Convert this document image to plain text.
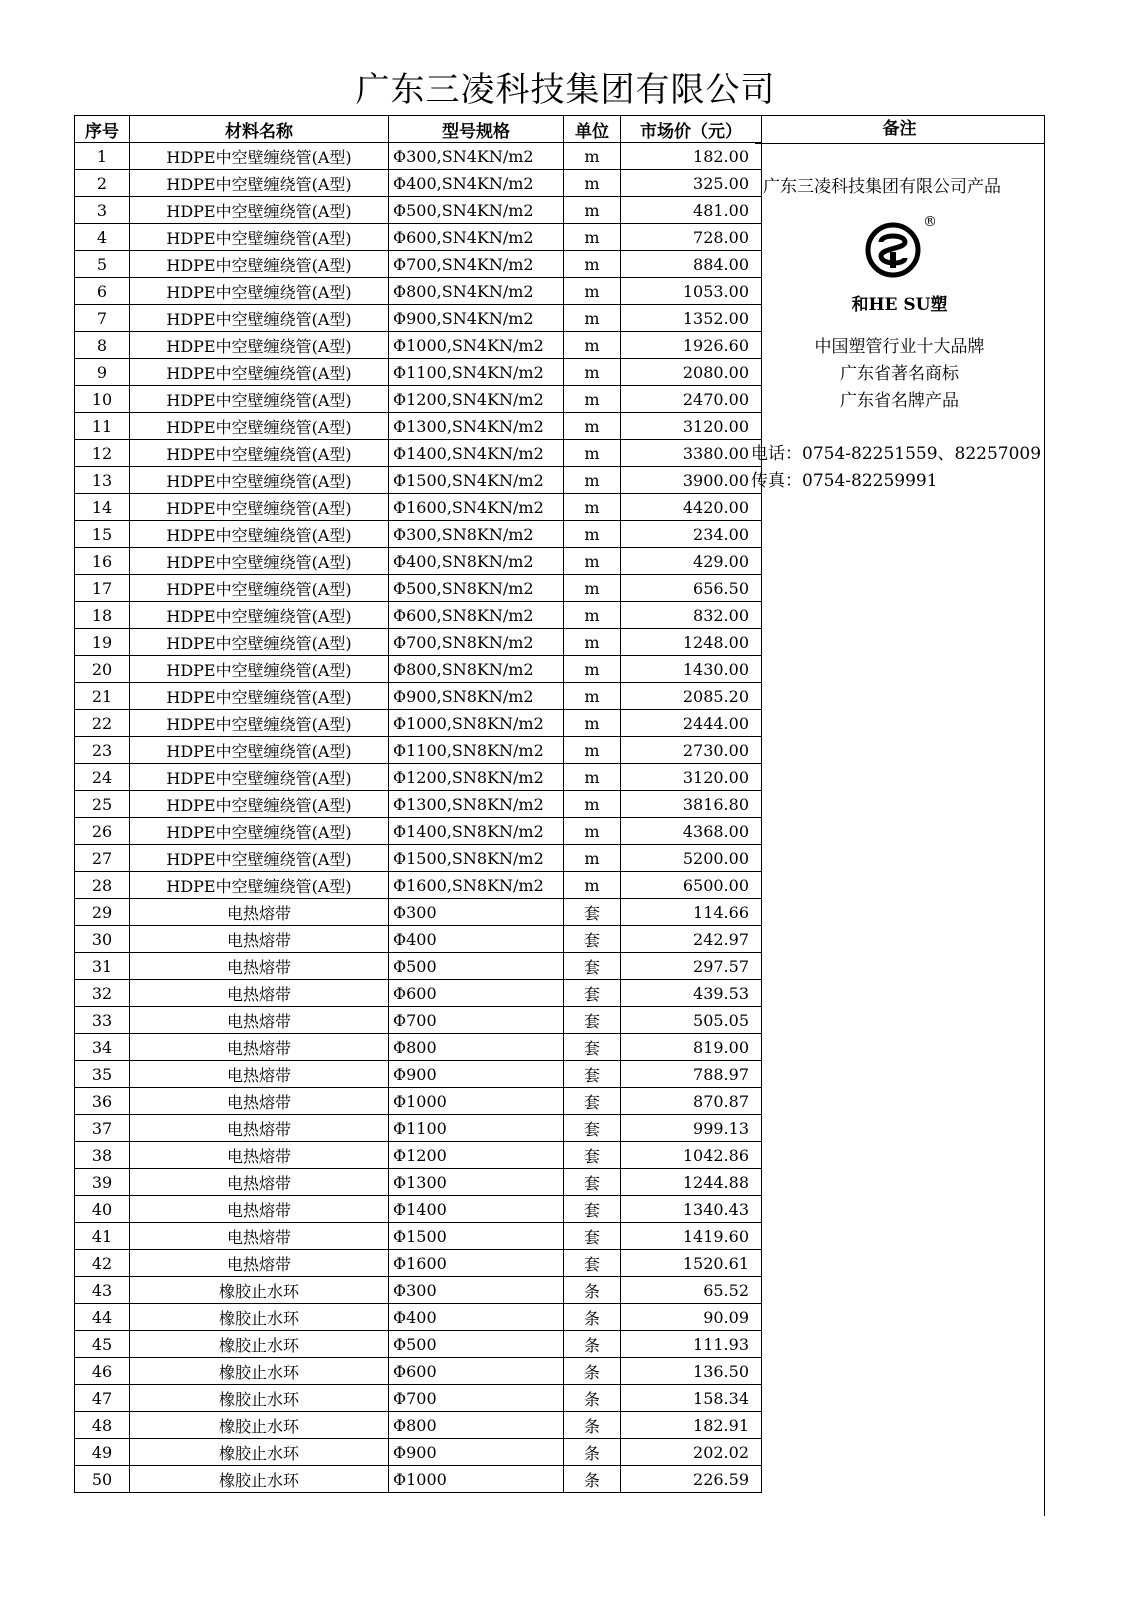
广东三凌科技集团有限公司
序号	材料名称	型号规格	单位	市场价（元）
1	HDPE中空壁缠绕管(A型)	Φ300,SN4KN/m2	m	182.00
2	HDPE中空壁缠绕管(A型)	Φ400,SN4KN/m2	m	325.00
3	HDPE中空壁缠绕管(A型)	Φ500,SN4KN/m2	m	481.00
4	HDPE中空壁缠绕管(A型)	Φ600,SN4KN/m2	m	728.00
5	HDPE中空壁缠绕管(A型)	Φ700,SN4KN/m2	m	884.00
6	HDPE中空壁缠绕管(A型)	Φ800,SN4KN/m2	m	1053.00
7	HDPE中空壁缠绕管(A型)	Φ900,SN4KN/m2	m	1352.00
8	HDPE中空壁缠绕管(A型)	Φ1000,SN4KN/m2	m	1926.60
9	HDPE中空壁缠绕管(A型)	Φ1100,SN4KN/m2	m	2080.00
10	HDPE中空壁缠绕管(A型)	Φ1200,SN4KN/m2	m	2470.00
11	HDPE中空壁缠绕管(A型)	Φ1300,SN4KN/m2	m	3120.00
12	HDPE中空壁缠绕管(A型)	Φ1400,SN4KN/m2	m	3380.00
13	HDPE中空壁缠绕管(A型)	Φ1500,SN4KN/m2	m	3900.00
14	HDPE中空壁缠绕管(A型)	Φ1600,SN4KN/m2	m	4420.00
15	HDPE中空壁缠绕管(A型)	Φ300,SN8KN/m2	m	234.00
16	HDPE中空壁缠绕管(A型)	Φ400,SN8KN/m2	m	429.00
17	HDPE中空壁缠绕管(A型)	Φ500,SN8KN/m2	m	656.50
18	HDPE中空壁缠绕管(A型)	Φ600,SN8KN/m2	m	832.00
19	HDPE中空壁缠绕管(A型)	Φ700,SN8KN/m2	m	1248.00
20	HDPE中空壁缠绕管(A型)	Φ800,SN8KN/m2	m	1430.00
21	HDPE中空壁缠绕管(A型)	Φ900,SN8KN/m2	m	2085.20
22	HDPE中空壁缠绕管(A型)	Φ1000,SN8KN/m2	m	2444.00
23	HDPE中空壁缠绕管(A型)	Φ1100,SN8KN/m2	m	2730.00
24	HDPE中空壁缠绕管(A型)	Φ1200,SN8KN/m2	m	3120.00
25	HDPE中空壁缠绕管(A型)	Φ1300,SN8KN/m2	m	3816.80
26	HDPE中空壁缠绕管(A型)	Φ1400,SN8KN/m2	m	4368.00
27	HDPE中空壁缠绕管(A型)	Φ1500,SN8KN/m2	m	5200.00
28	HDPE中空壁缠绕管(A型)	Φ1600,SN8KN/m2	m	6500.00
29	电热熔带	Φ300	套	114.66
30	电热熔带	Φ400	套	242.97
31	电热熔带	Φ500	套	297.57
32	电热熔带	Φ600	套	439.53
33	电热熔带	Φ700	套	505.05
34	电热熔带	Φ800	套	819.00
35	电热熔带	Φ900	套	788.97
36	电热熔带	Φ1000	套	870.87
37	电热熔带	Φ1100	套	999.13
38	电热熔带	Φ1200	套	1042.86
39	电热熔带	Φ1300	套	1244.88
40	电热熔带	Φ1400	套	1340.43
41	电热熔带	Φ1500	套	1419.60
42	电热熔带	Φ1600	套	1520.61
43	橡胶止水环	Φ300	条	65.52
44	橡胶止水环	Φ400	条	90.09
45	橡胶止水环	Φ500	条	111.93
46	橡胶止水环	Φ600	条	136.50
47	橡胶止水环	Φ700	条	158.34
48	橡胶止水环	Φ800	条	182.91
49	橡胶止水环	Φ900	条	202.02
50	橡胶止水环	Φ1000	条	226.59
备注
广东三凌科技集团有限公司产品
®
和HE SU塑
中国塑管行业十大品牌
广东省著名商标
广东省名牌产品
电话：0754-82251559、82257009
传真：0754-82259991
